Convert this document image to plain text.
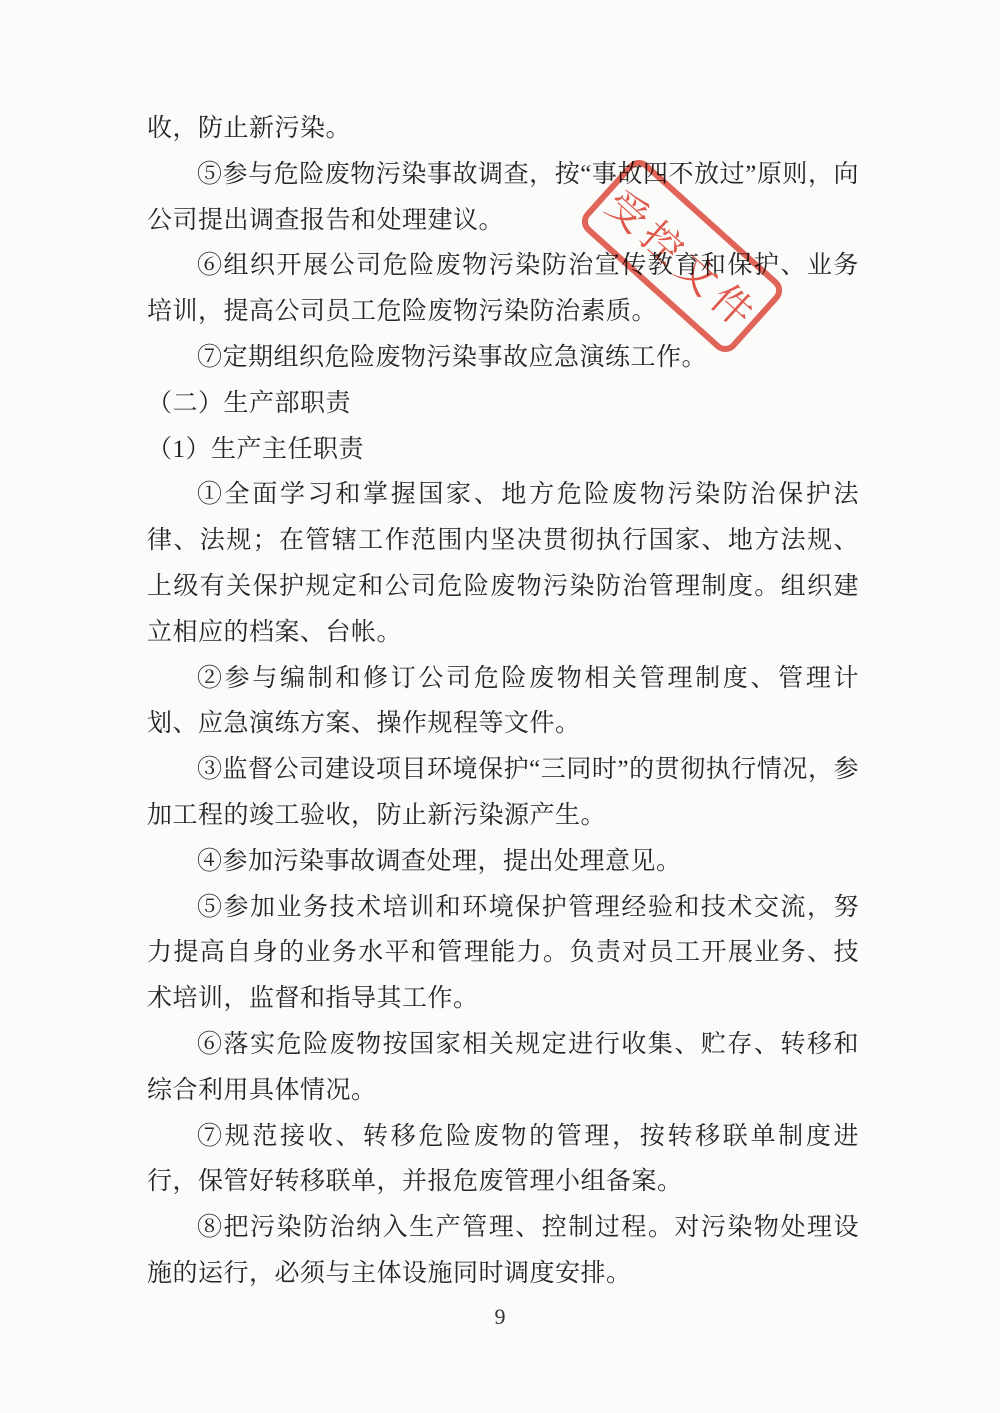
收，防止新污染。

⑤参与危险废物污染事故调查，按“事故四不放过”原则，向公司提出调查报告和处理建议。

⑥组织开展公司危险废物污染防治宣传教育和保护、业务培训，提高公司员工危险废物污染防治素质。

⑦定期组织危险废物污染事故应急演练工作。

（二）生产部职责

（1）生产主任职责

①全面学习和掌握国家、地方危险废物污染防治保护法律、法规；在管辖工作范围内坚决贯彻执行国家、地方法规、上级有关保护规定和公司危险废物污染防治管理制度。组织建立相应的档案、台帐。

②参与编制和修订公司危险废物相关管理制度、管理计划、应急演练方案、操作规程等文件。

③监督公司建设项目环境保护“三同时”的贯彻执行情况，参加工程的竣工验收，防止新污染源产生。

④参加污染事故调查处理，提出处理意见。

⑤参加业务技术培训和环境保护管理经验和技术交流，努力提高自身的业务水平和管理能力。负责对员工开展业务、技术培训，监督和指导其工作。

⑥落实危险废物按国家相关规定进行收集、贮存、转移和综合利用具体情况。

⑦规范接收、转移危险废物的管理，按转移联单制度进行，保管好转移联单，并报危废管理小组备案。

⑧把污染防治纳入生产管理、控制过程。对污染物处理设施的运行，必须与主体设施同时调度安排。

受控文件
9
